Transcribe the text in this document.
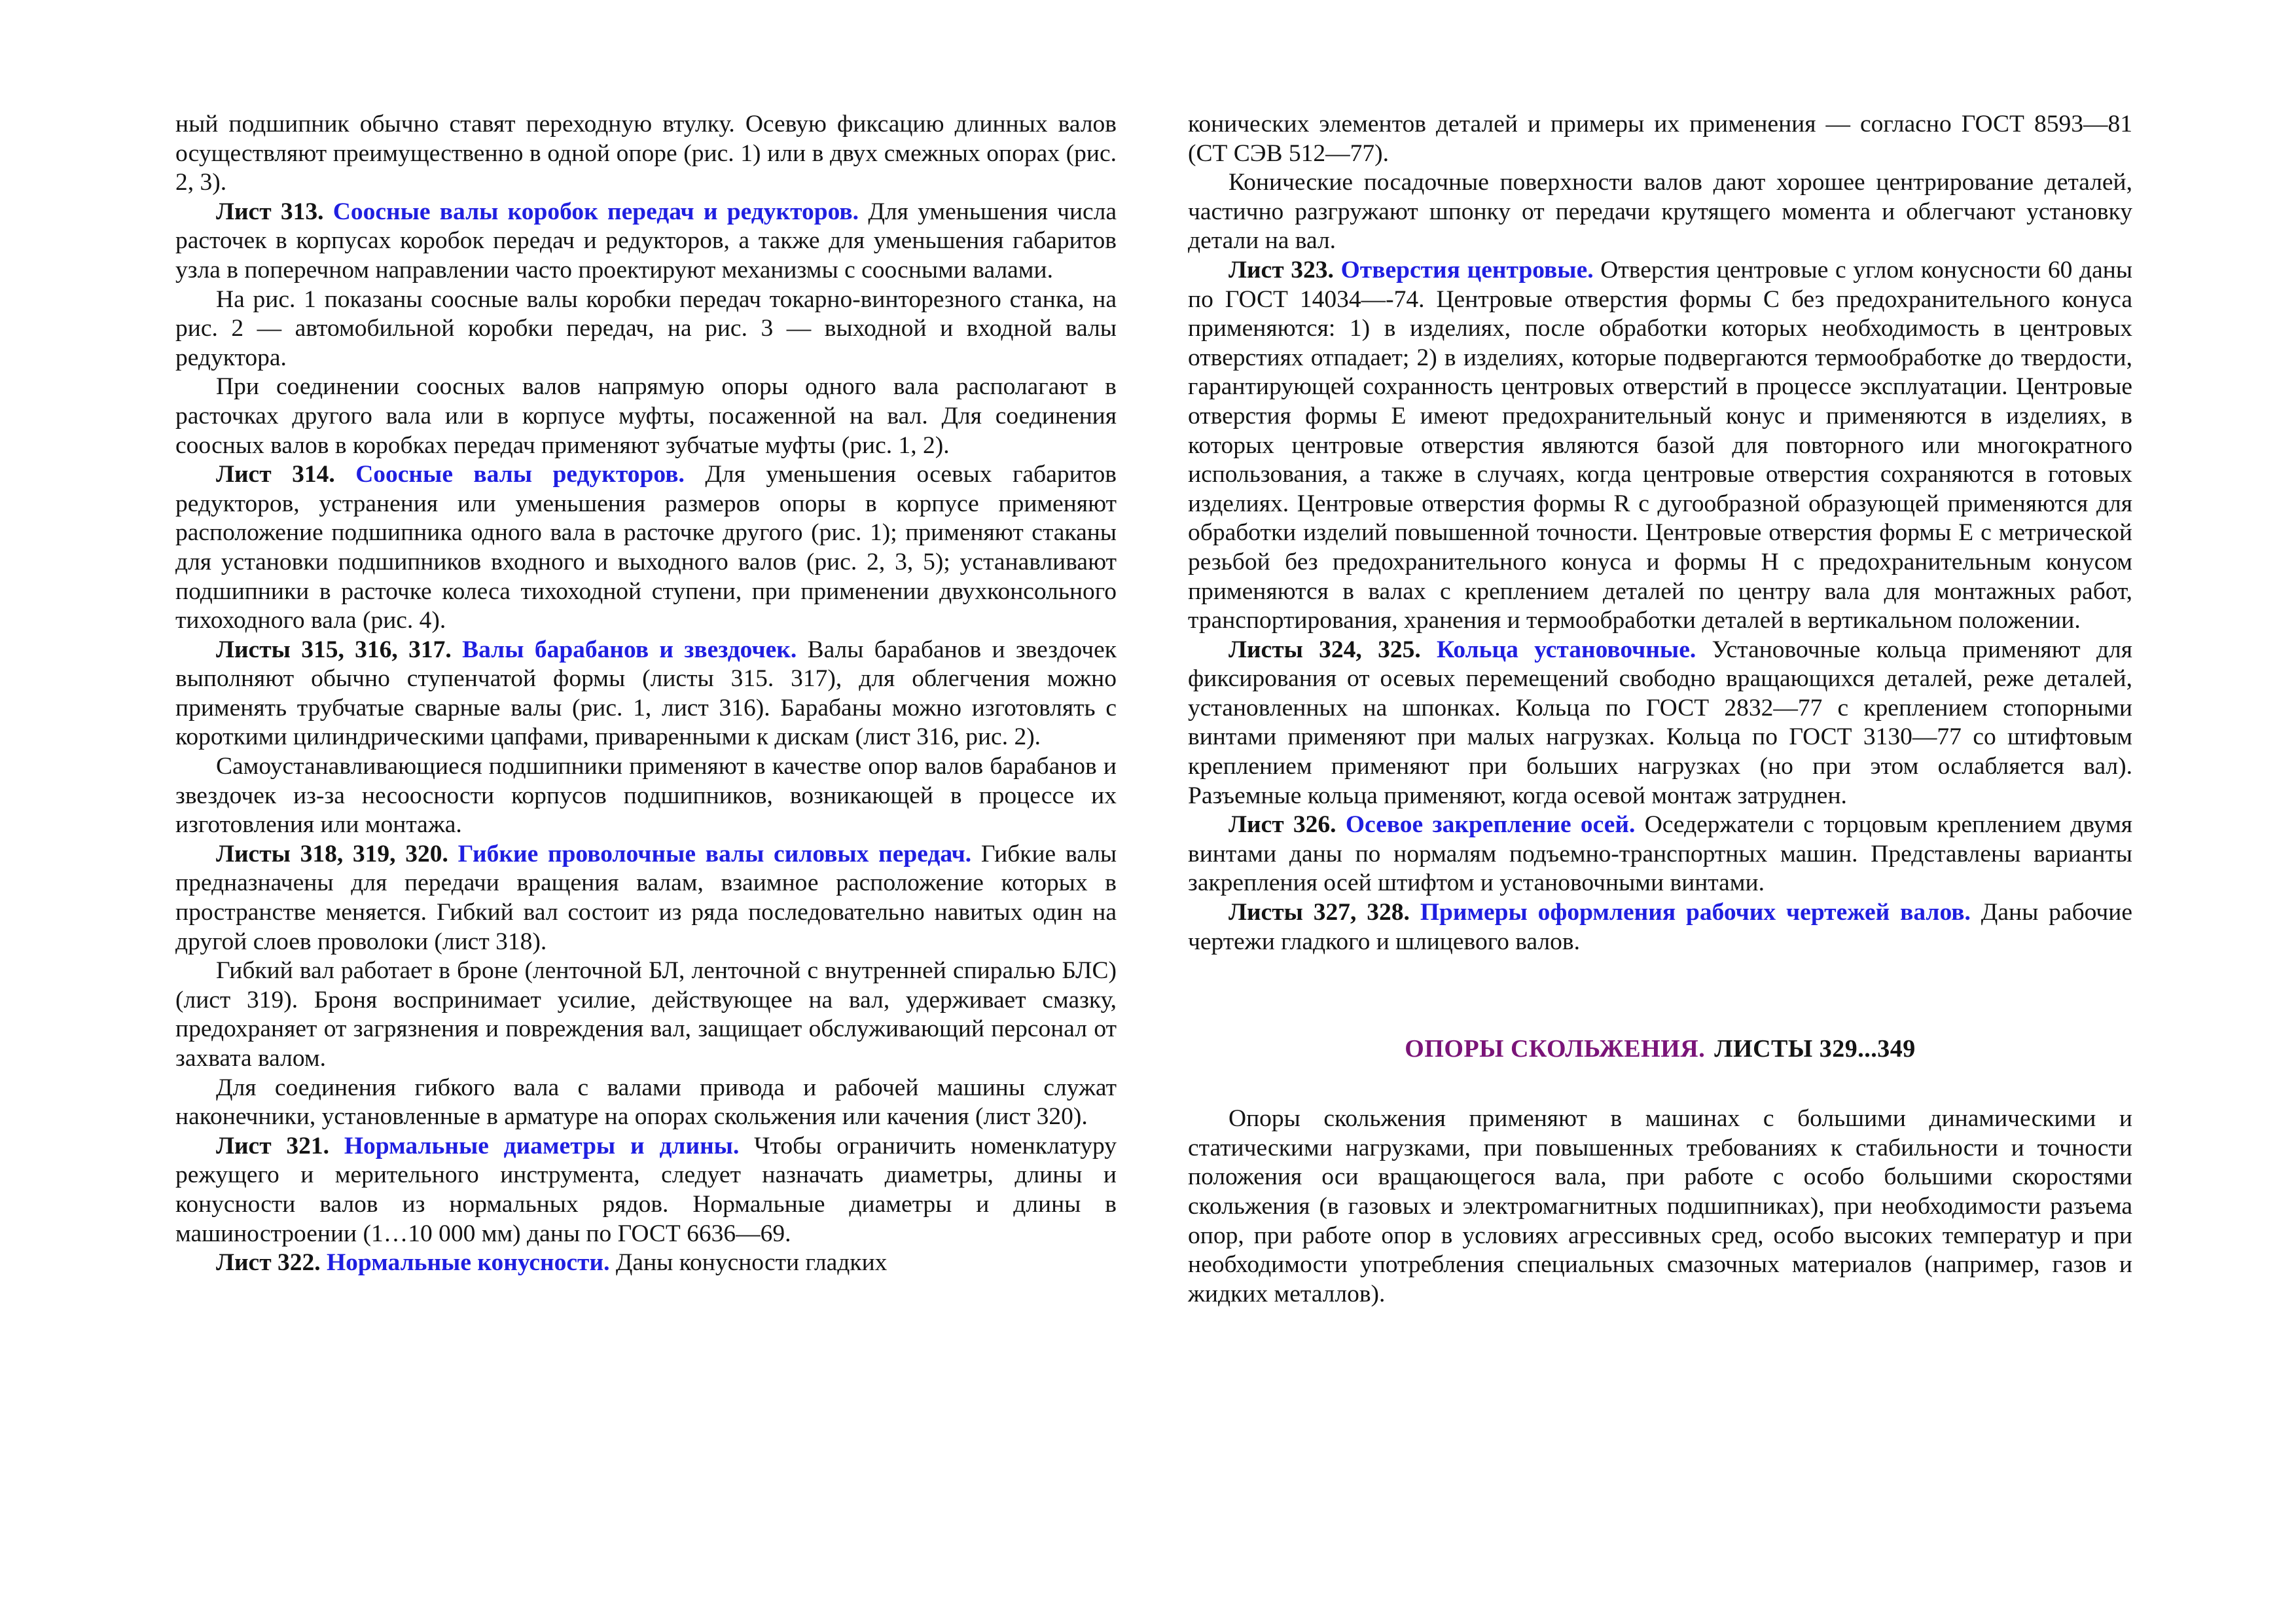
ный подшипник обычно ставят переходную втулку. Осевую фиксацию длинных валов осуществляют преимущественно в одной опоре (рис. 1) или в двух смежных опорах (рис. 2, 3).

Лист 313. Соосные валы коробок передач и редукторов. Для уменьшения числа расточек в корпусах коробок передач и редукторов, а также для уменьшения габаритов узла в поперечном направлении часто проектируют механизмы с соосными валами.

На рис. 1 показаны соосные валы коробки передач токарно-винторезного станка, на рис. 2 — автомобильной коробки передач, на рис. 3 — выходной и входной валы редуктора.

При соединении соосных валов напрямую опоры одного вала располагают в расточках другого вала или в корпусе муфты, посаженной на вал. Для соединения соосных валов в коробках передач применяют зубчатые муфты (рис. 1, 2).

Лист 314. Соосные валы редукторов. Для уменьшения осевых габаритов редукторов, устранения или уменьшения размеров опоры в корпусе применяют расположение подшипника одного вала в расточке другого (рис. 1); применяют стаканы для установки подшипников входного и выходного валов (рис. 2, 3, 5); устанавливают подшипники в расточке колеса тихоходной ступени, при применении двухконсольного тихоходного вала (рис. 4).

Листы 315, 316, 317. Валы барабанов и звездочек. Валы барабанов и звездочек выполняют обычно ступенчатой формы (листы 315. 317), для облегчения можно применять трубчатые сварные валы (рис. 1, лист 316). Барабаны можно изготовлять с короткими цилиндрическими цапфами, приваренными к дискам (лист 316, рис. 2).

Самоустанавливающиеся подшипники применяют в качестве опор валов барабанов и звездочек из-за несоосности корпусов подшипников, возникающей в процессе их изготовления или монтажа.

Листы 318, 319, 320. Гибкие проволочные валы силовых передач. Гибкие валы предназначены для передачи вращения валам, взаимное расположение которых в пространстве меняется. Гибкий вал состоит из ряда последовательно навитых один на другой слоев проволоки (лист 318).

Гибкий вал работает в броне (ленточной БЛ, ленточной с внутренней спиралью БЛС) (лист 319). Броня воспринимает усилие, действующее на вал, удерживает смазку, предохраняет от загрязнения и повреждения вал, защищает обслуживающий персонал от захвата валом.

Для соединения гибкого вала с валами привода и рабочей машины служат наконечники, установленные в арматуре на опорах скольжения или качения (лист 320).

Лист 321. Нормальные диаметры и длины. Чтобы ограничить номенклатуру режущего и мерительного инструмента, следует назначать диаметры, длины и конусности валов из нормальных рядов. Нормальные диаметры и длины в машиностроении (1…10 000 мм) даны по ГОСТ 6636—69.

Лист 322. Нормальные конусности. Даны конусности гладких

конических элементов деталей и примеры их применения — согласно ГОСТ 8593—81 (СТ СЭВ 512—77).

Конические посадочные поверхности валов дают хорошее центрирование деталей, частично разгружают шпонку от передачи крутящего момента и облегчают установку детали на вал.

Лист 323. Отверстия центровые. Отверстия центровые с углом конусности 60 даны по ГОСТ 14034—-74. Центровые отверстия формы С без предохранительного конуса применяются: 1) в изделиях, после обработки которых необходимость в центровых отверстиях отпадает; 2) в изделиях, которые подвергаются термообработке до твердости, гарантирующей сохранность центровых отверстий в процессе эксплуатации. Центровые отверстия формы Е имеют предохранительный конус и применяются в изделиях, в которых центровые отверстия являются базой для повторного или многократного использования, а также в случаях, когда центровые отверстия сохраняются в готовых изделиях. Центровые отверстия формы R с дугообразной образующей применяются для обработки изделий повышенной точности. Центровые отверстия формы Е с метрической резьбой без предохранительного конуса и формы Н с предохранительным конусом применяются в валах с креплением деталей по центру вала для монтажных работ, транспортирования, хранения и термообработки деталей в вертикальном положении.

Листы 324, 325. Кольца установочные. Установочные кольца применяют для фиксирования от осевых перемещений свободно вращающихся деталей, реже деталей, установленных на шпонках. Кольца по ГОСТ 2832—77 с креплением стопорными винтами применяют при малых нагрузках. Кольца по ГОСТ 3130—77 со штифтовым креплением применяют при больших нагрузках (но при этом ослабляется вал). Разъемные кольца применяют, когда осевой монтаж затруднен.

Лист 326. Осевое закрепление осей. Оседержатели с торцовым креплением двумя винтами даны по нормалям подъемно-транспортных машин. Представлены варианты закрепления осей штифтом и установочными винтами.

Листы 327, 328. Примеры оформления рабочих чертежей валов. Даны рабочие чертежи гладкого и шлицевого валов.

ОПОРЫ СКОЛЬЖЕНИЯ. ЛИСТЫ 329...349

Опоры скольжения применяют в машинах с большими динамическими и статическими нагрузками, при повышенных требованиях к стабильности и точности положения оси вращающегося вала, при работе с особо большими скоростями скольжения (в газовых и электромагнитных подшипниках), при необходимости разъема опор, при работе опор в условиях агрессивных сред, особо высоких температур и при необходимости употребления специальных смазочных материалов (например, газов и жидких металлов).
